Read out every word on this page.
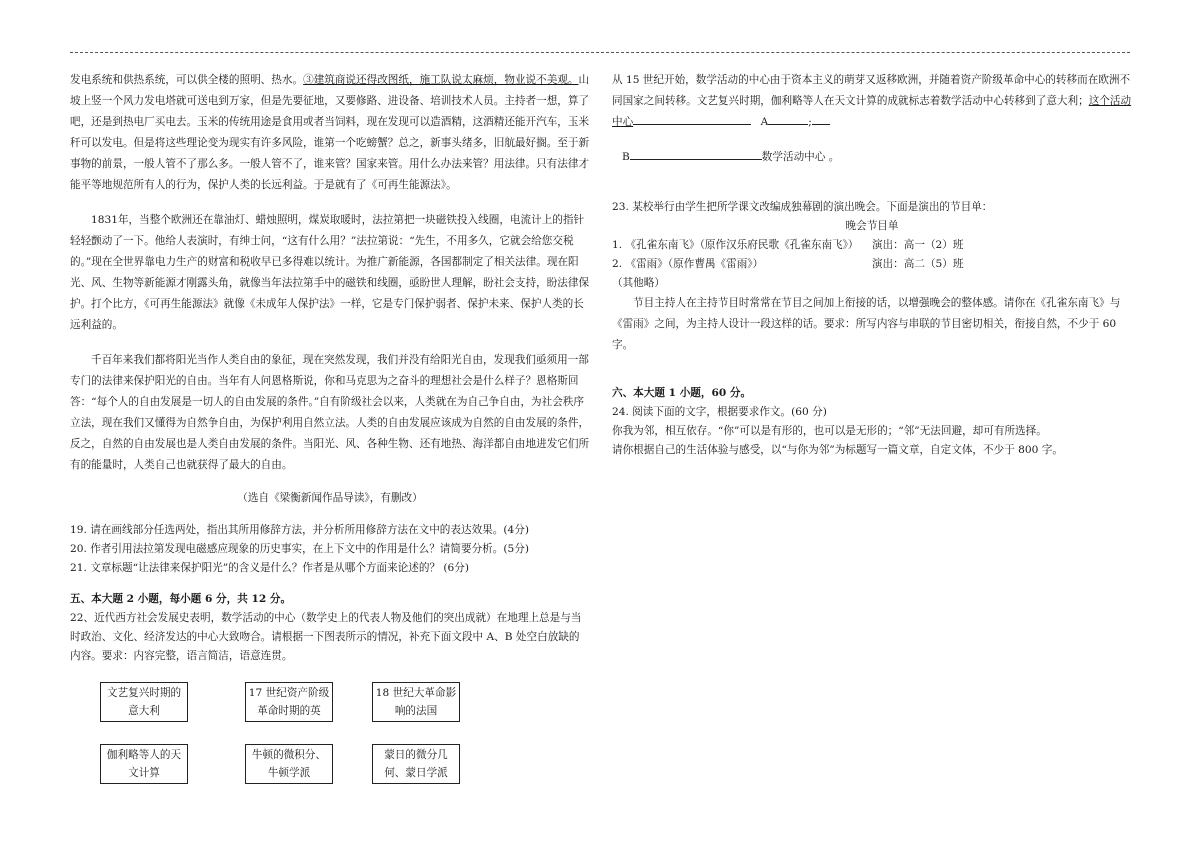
发电系统和供热系统，可以供全楼的照明、热水。③建筑商说还得改图纸，施工队说太麻烦，物业说不美观。山坡上竖一个风力发电塔就可送电到万家，但是先要征地，又要修路、进设备、培训技术人员。主持者一想，算了吧，还是到热电厂买电去。玉米的传统用途是食用或者当饲料，现在发现可以造酒精，这酒精还能开汽车，玉米秆可以发电。但是将这些理论变为现实有许多风险，谁第一个吃螃蟹？总之，新事头绪多，旧航最好搁。至于新事物的前景，一般人管不了那么多。一般人管不了，谁来管？国家来管。用什么办法来管？用法律。只有法律才能平等地规范所有人的行为，保护人类的长远利益。于是就有了《可再生能源法》。

1831年，当整个欧洲还在靠油灯、蜡烛照明，煤炭取暖时，法拉第把一块磁铁投入线圈，电流计上的指针轻轻颤动了一下。他给人表演时，有绅士问，“这有什么用？”法拉第说：“先生，不用多久，它就会给您交税的。”现在全世界靠电力生产的财富和税收早已多得难以统计。为推广新能源，各国都制定了相关法律。现在阳光、风、生物等新能源才刚露头角，就像当年法拉第手中的磁铁和线圈，亟盼世人理解，盼社会支持，盼法律保护。打个比方，《可再生能源法》就像《未成年人保护法》一样，它是专门保护弱者、保护未来、保护人类的长远利益的。

千百年来我们都将阳光当作人类自由的象征，现在突然发现，我们并没有给阳光自由，发现我们亟须用一部专门的法律来保护阳光的自由。当年有人问恩格斯说，你和马克思为之奋斗的理想社会是什么样子？恩格斯回答：“每个人的自由发展是一切人的自由发展的条件。”自有阶级社会以来，人类就在为自己争自由，为社会秩序立法，现在我们又懂得为自然争自由，为保护利用自然立法。人类的自由发展应该成为自然的自由发展的条件，反之，自然的自由发展也是人类自由发展的条件。当阳光、风、各种生物、还有地热、海洋都自由地进发它们所有的能量时，人类自己也就获得了最大的自由。

（选自《梁衡新闻作品导读》，有删改）

19. 请在画线部分任选两处，指出其所用修辞方法，并分析所用修辞方法在文中的表达效果。(4分)

20. 作者引用法拉第发现电磁感应现象的历史事实，在上下文中的作用是什么？请简要分析。(5分)

21. 文章标题“让法律来保护阳光”的含义是什么？作者是从哪个方面来论述的？ (6分)

五、本大题 2 小题，每小题 6 分，共 12 分。

22、近代西方社会发展史表明，数学活动的中心（数学史上的代表人物及他们的突出成就）在地理上总是与当时政治、文化、经济发达的中心大致吻合。请根据一下图表所示的情况，补充下面文段中 A、B 处空白放缺的内容。要求：内容完整，语言简洁，语意连贯。

文艺复兴时期的意大利
17 世纪资产阶级革命时期的英
18 世纪大革命影响的法国
伽利略等人的天文计算
牛顿的微积分、牛顿学派
蒙日的微分几何、蒙日学派

从 15 世纪开始，数学活动的中心由于资本主义的萌芽又返移欧洲，并随着资产阶级革命中心的转移而在欧洲不同国家之间转移。文艺复兴时期，伽利略等人在天文计算的成就标志着数学活动中心转移到了意大利；这个活动中心	A	;

B	数学活动中心 。

23. 某校举行由学生把所学课文改编成独幕剧的演出晚会。下面是演出的节目单：

晚会节目单

1. 《孔雀东南飞》（原作汉乐府民歌《孔雀东南飞》）	演出：高一（2）班
2. 《雷雨》（原作曹禺《雷雨》）	演出：高二（5）班

（其他略）

节目主持人在主持节目时常常在节目之间加上衔接的话，以增强晚会的整体感。请你在《孔雀东南飞》与《雷雨》之间，为主持人设计一段这样的话。要求：所写内容与串联的节目密切相关，衔接自然，不少于 60 字。

六、本大题 1 小题，60 分。

24. 阅读下面的文字，根据要求作文。(60 分)

你我为邻，相互依存。“你”可以是有形的，也可以是无形的；“邻”无法回避，却可有所选择。

请你根据自己的生活体验与感受，以“与你为邻”为标题写一篇文章，自定文体，不少于 800 字。
